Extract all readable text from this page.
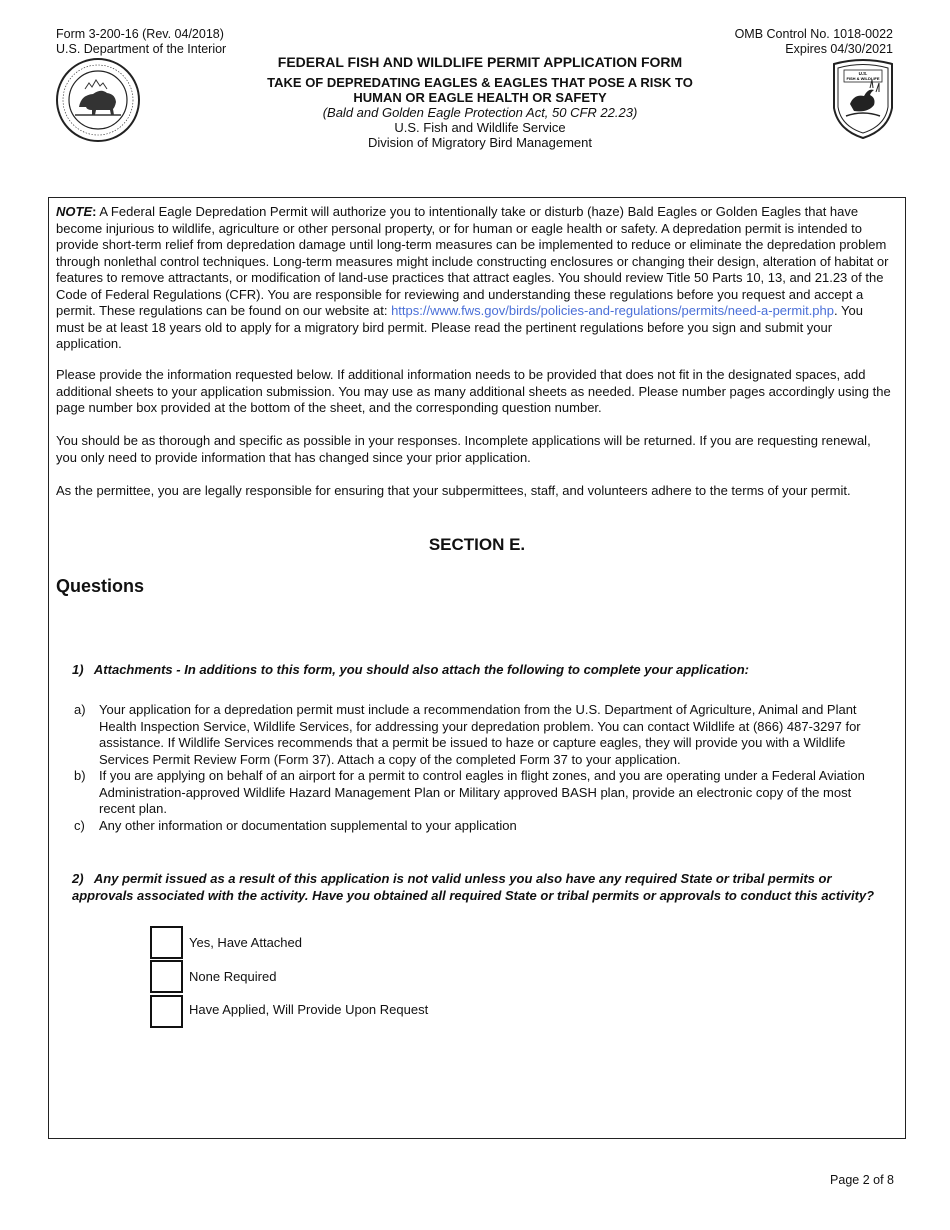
Form 3-200-16 (Rev. 04/2018)
U.S. Department of the Interior
OMB Control No. 1018-0022
Expires 04/30/2021
U.S.
FISH & WILDLIFE
FEDERAL FISH AND WILDLIFE PERMIT APPLICATION FORM
TAKE OF DEPREDATING EAGLES & EAGLES THAT POSE A RISK TO
HUMAN OR EAGLE HEALTH OR SAFETY
(Bald and Golden Eagle Protection Act, 50 CFR 22.23)
U.S. Fish and Wildlife Service
Division of Migratory Bird Management
NOTE: A Federal Eagle Depredation Permit will authorize you to intentionally take or disturb (haze) Bald Eagles or Golden Eagles that have become injurious to wildlife, agriculture or other personal property, or for human or eagle health or safety. A depredation permit is intended to provide short-term relief from depredation damage until long-term measures can be implemented to reduce or eliminate the depredation problem through nonlethal control techniques. Long-term measures might include constructing enclosures or changing their design, alteration of habitat or features to remove attractants, or modification of land-use practices that attract eagles. You should review Title 50 Parts 10, 13, and 21.23 of the Code of Federal Regulations (CFR). You are responsible for reviewing and understanding these regulations before you request and accept a permit. These regulations can be found on our website at: https://www.fws.gov/birds/policies-and-regulations/permits/need-a-permit.php. You must be at least 18 years old to apply for a migratory bird permit. Please read the pertinent regulations before you sign and submit your application.
Please provide the information requested below. If additional information needs to be provided that does not fit in the designated spaces, add additional sheets to your application submission. You may use as many additional sheets as needed. Please number pages accordingly using the page number box provided at the bottom of the sheet, and the corresponding question number.
You should be as thorough and specific as possible in your responses. Incomplete applications will be returned. If you are requesting renewal, you only need to provide information that has changed since your prior application.
As the permittee, you are legally responsible for ensuring that your subpermittees, staff, and volunteers adhere to the terms of your permit.
SECTION E.
Questions
1) Attachments - In additions to this form, you should also attach the following to complete your application:
a) Your application for a depredation permit must include a recommendation from the U.S. Department of Agriculture, Animal and Plant Health Inspection Service, Wildlife Services, for addressing your depredation problem. You can contact Wildlife at (866) 487-3297 for assistance. If Wildlife Services recommends that a permit be issued to haze or capture eagles, they will provide you with a Wildlife Services Permit Review Form (Form 37). Attach a copy of the completed Form 37 to your application.
b) If you are applying on behalf of an airport for a permit to control eagles in flight zones, and you are operating under a Federal Aviation Administration-approved Wildlife Hazard Management Plan or Military approved BASH plan, provide an electronic copy of the most recent plan.
c) Any other information or documentation supplemental to your application
2) Any permit issued as a result of this application is not valid unless you also have any required State or tribal permits or approvals associated with the activity. Have you obtained all required State or tribal permits or approvals to conduct this activity?
Yes, Have Attached
None Required
Have Applied, Will Provide Upon Request
Page 2 of 8
